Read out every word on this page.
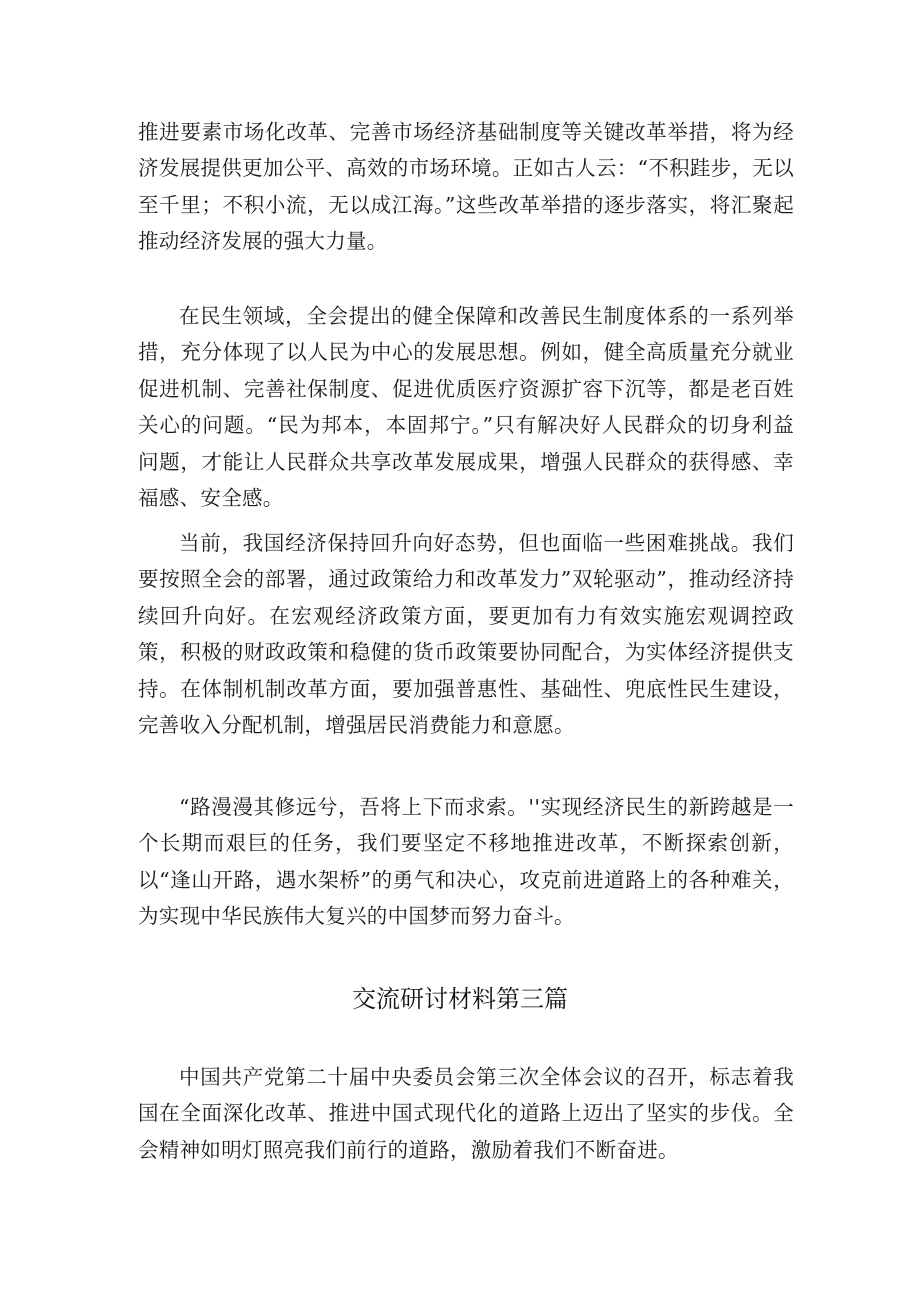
推进要素市场化改革、完善市场经济基础制度等关键改革举措，将为经济发展提供更加公平、高效的市场环境。正如古人云：“不积跬步，无以至千里；不积小流，无以成江海。”这些改革举措的逐步落实，将汇聚起推动经济发展的强大力量。

在民生领域，全会提出的健全保障和改善民生制度体系的一系列举措，充分体现了以人民为中心的发展思想。例如，健全高质量充分就业促进机制、完善社保制度、促进优质医疗资源扩容下沉等，都是老百姓关心的问题。“民为邦本，本固邦宁。”只有解决好人民群众的切身利益问题，才能让人民群众共享改革发展成果，增强人民群众的获得感、幸福感、安全感。

当前，我国经济保持回升向好态势，但也面临一些困难挑战。我们要按照全会的部署，通过政策给力和改革发力”双轮驱动”，推动经济持续回升向好。在宏观经济政策方面，要更加有力有效实施宏观调控政策，积极的财政政策和稳健的货币政策要协同配合，为实体经济提供支持。在体制机制改革方面，要加强普惠性、基础性、兜底性民生建设，完善收入分配机制，增强居民消费能力和意愿。

“路漫漫其修远兮，吾将上下而求索。''实现经济民生的新跨越是一个长期而艰巨的任务，我们要坚定不移地推进改革，不断探索创新，以“逢山开路，遇水架桥”的勇气和决心，攻克前进道路上的各种难关，为实现中华民族伟大复兴的中国梦而努力奋斗。

交流研讨材料第三篇

中国共产党第二十届中央委员会第三次全体会议的召开，标志着我国在全面深化改革、推进中国式现代化的道路上迈出了坚实的步伐。全会精神如明灯照亮我们前行的道路，激励着我们不断奋进。
